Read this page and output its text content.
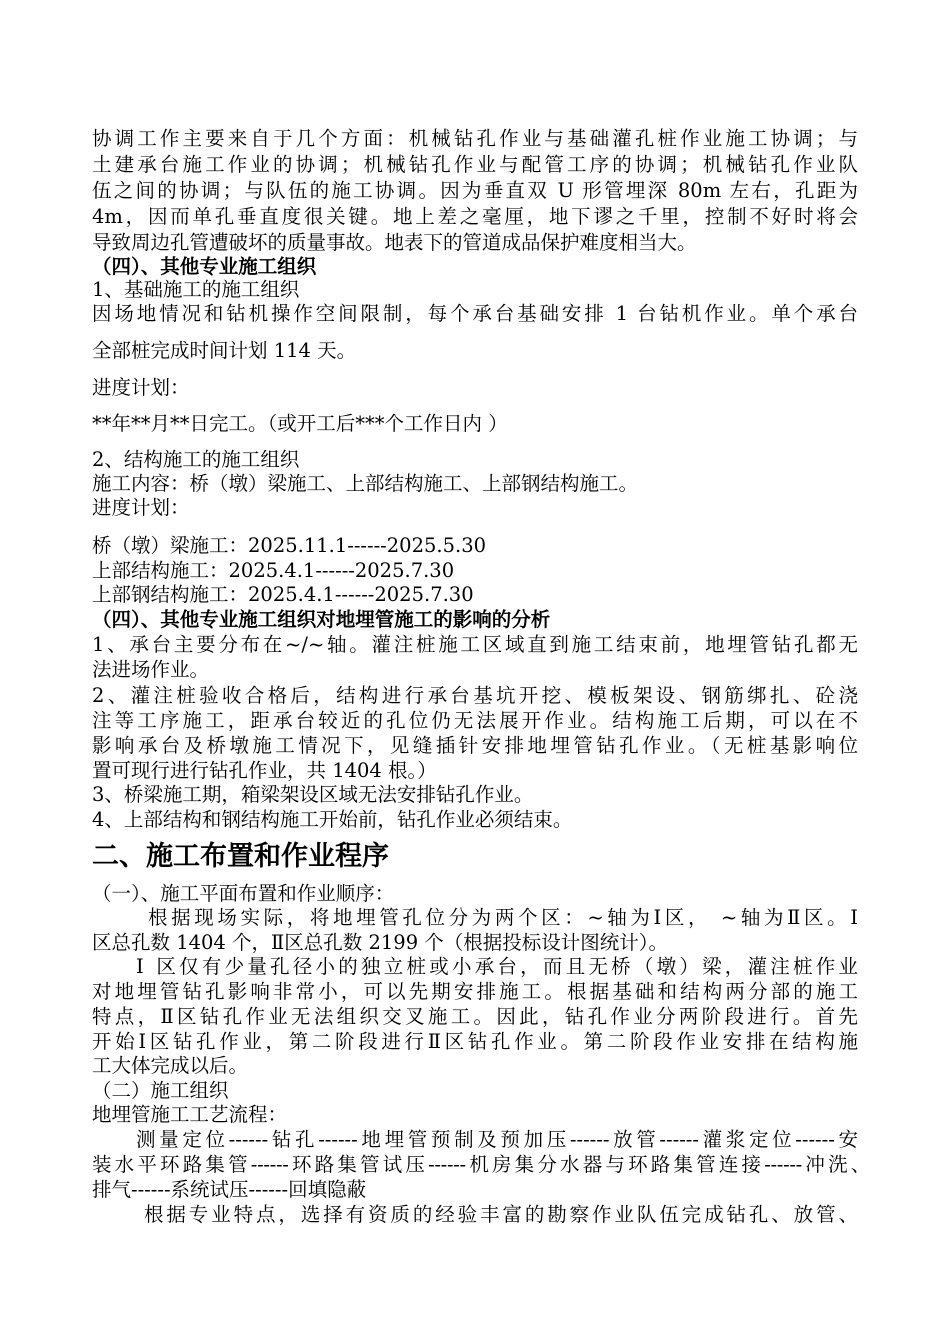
协调工作主要来自于几个方面：机械钻孔作业与基础灌孔桩作业施工协调；与
土建承台施工作业的协调；机械钻孔作业与配管工序的协调；机械钻孔作业队
伍之间的协调；与队伍的施工协调。因为垂直双 U 形管埋深 80m 左右，孔距为
4m，因而单孔垂直度很关键。地上差之毫厘，地下谬之千里，控制不好时将会
导致周边孔管遭破坏的质量事故。地表下的管道成品保护难度相当大。
（四）、其他专业施工组织
1、基础施工的施工组织
因场地情况和钻机操作空间限制，每个承台基础安排 1 台钻机作业。单个承台
全部桩完成时间计划 114 天。
进度计划：
**年**月**日完工。（或开工后***个工作日内 ）
2、结构施工的施工组织
施工内容：桥（墩）梁施工、上部结构施工、上部钢结构施工。
进度计划：
桥（墩）梁施工：2025.11.1------2025.5.30
上部结构施工：2025.4.1------2025.7.30
上部钢结构施工：2025.4.1------2025.7.30
（四）、其他专业施工组织对地埋管施工的影响的分析
1、承台主要分布在~/~轴。灌注桩施工区域直到施工结束前，地埋管钻孔都无
法进场作业。
2、灌注桩验收合格后，结构进行承台基坑开挖、模板架设、钢筋绑扎、砼浇
注等工序施工，距承台较近的孔位仍无法展开作业。结构施工后期，可以在不
影响承台及桥墩施工情况下，见缝插针安排地埋管钻孔作业。（无桩基影响位
置可现行进行钻孔作业，共 1404 根。）
3、桥梁施工期，箱梁架设区域无法安排钻孔作业。
4、上部结构和钢结构施工开始前，钻孔作业必须结束。
二、施工布置和作业程序
（一）、施工平面布置和作业顺序：
根据现场实际，将地埋管孔位分为两个区：~轴为Ⅰ区， ~轴为Ⅱ区。Ⅰ
区总孔数 1404 个，Ⅱ区总孔数 2199 个（根据投标设计图统计）。
Ⅰ 区仅有少量孔径小的独立桩或小承台，而且无桥（墩）梁，灌注桩作业
对地埋管钻孔影响非常小，可以先期安排施工。根据基础和结构两分部的施工
特点，Ⅱ区钻孔作业无法组织交叉施工。因此，钻孔作业分两阶段进行。首先
开始Ⅰ区钻孔作业，第二阶段进行Ⅱ区钻孔作业。第二阶段作业安排在结构施
工大体完成以后。
（二）施工组织
地埋管施工工艺流程：
测量定位------钻孔------地埋管预制及预加压------放管------灌浆定位------安
装水平环路集管------环路集管试压------机房集分水器与环路集管连接------冲洗、
排气------系统试压------回填隐蔽
根据专业特点，选择有资质的经验丰富的勘察作业队伍完成钻孔、放管、
